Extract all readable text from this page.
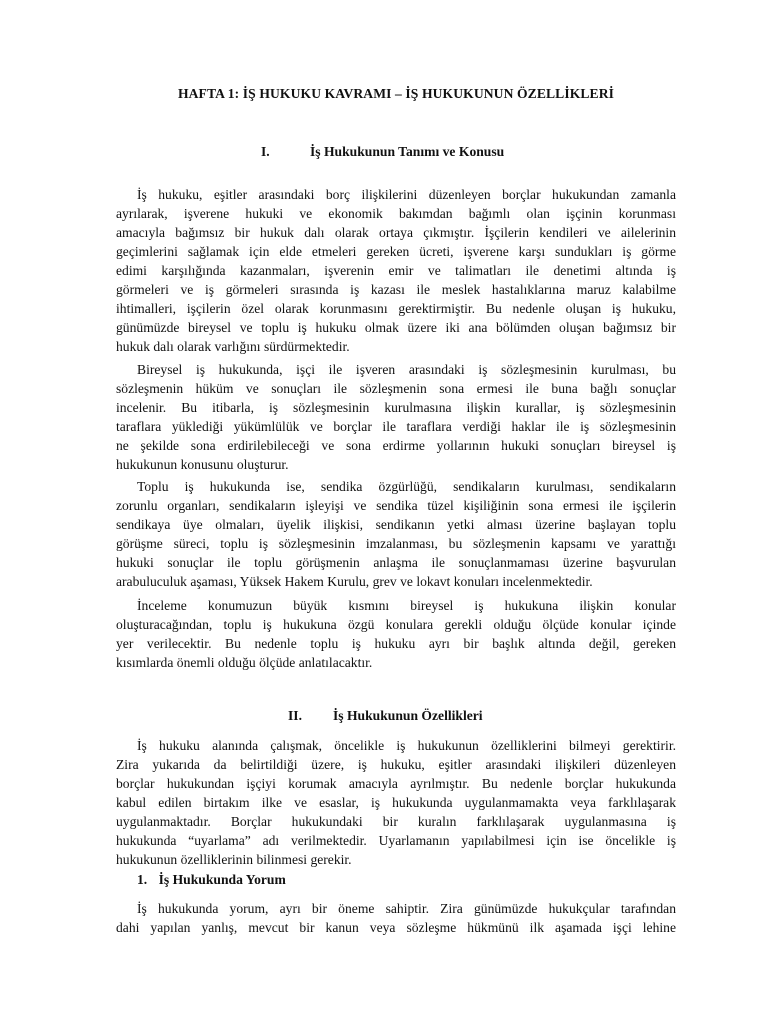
HAFTA 1: İŞ HUKUKU KAVRAMI – İŞ HUKUKUNUN ÖZELLİKLERİ
I.	İş Hukukunun Tanımı ve Konusu
İş hukuku, eşitler arasındaki borç ilişkilerini düzenleyen borçlar hukukundan zamanla
ayrılarak, işverene hukuki ve ekonomik bakımdan bağımlı olan işçinin korunması
amacıyla bağımsız bir hukuk dalı olarak ortaya çıkmıştır. İşçilerin kendileri ve ailelerinin
geçimlerini sağlamak için elde etmeleri gereken ücreti, işverene karşı sundukları iş görme
edimi karşılığında kazanmaları, işverenin emir ve talimatları ile denetimi altında iş
görmeleri ve iş görmeleri sırasında iş kazası ile meslek hastalıklarına maruz kalabilme
ihtimalleri, işçilerin özel olarak korunmasını gerektirmiştir. Bu nedenle oluşan iş hukuku,
günümüzde bireysel ve toplu iş hukuku olmak üzere iki ana bölümden oluşan bağımsız bir
hukuk dalı olarak varlığını sürdürmektedir.
Bireysel iş hukukunda, işçi ile işveren arasındaki iş sözleşmesinin kurulması, bu
sözleşmenin hüküm ve sonuçları ile sözleşmenin sona ermesi ile buna bağlı sonuçlar
incelenir. Bu itibarla, iş sözleşmesinin kurulmasına ilişkin kurallar, iş sözleşmesinin
taraflara yüklediği yükümlülük ve borçlar ile taraflara verdiği haklar ile iş sözleşmesinin
ne şekilde sona erdirilebileceği ve sona erdirme yollarının hukuki sonuçları bireysel iş
hukukunun konusunu oluşturur.
Toplu iş hukukunda ise, sendika özgürlüğü, sendikaların kurulması, sendikaların
zorunlu organları, sendikaların işleyişi ve sendika tüzel kişiliğinin sona ermesi ile işçilerin
sendikaya üye olmaları, üyelik ilişkisi, sendikanın yetki alması üzerine başlayan toplu
görüşme süreci, toplu iş sözleşmesinin imzalanması, bu sözleşmenin kapsamı ve yarattığı
hukuki sonuçlar ile toplu görüşmenin anlaşma ile sonuçlanmaması üzerine başvurulan
arabuluculuk aşaması, Yüksek Hakem Kurulu, grev ve lokavt konuları incelenmektedir.
İnceleme konumuzun büyük kısmını bireysel iş hukukuna ilişkin konular
oluşturacağından, toplu iş hukukuna özgü konulara gerekli olduğu ölçüde konular içinde
yer verilecektir. Bu nedenle toplu iş hukuku ayrı bir başlık altında değil, gereken
kısımlarda önemli olduğu ölçüde anlatılacaktır.
II. İş Hukukunun Özellikleri
İş hukuku alanında çalışmak, öncelikle iş hukukunun özelliklerini bilmeyi gerektirir.
Zira yukarıda da belirtildiği üzere, iş hukuku, eşitler arasındaki ilişkileri düzenleyen
borçlar hukukundan işçiyi korumak amacıyla ayrılmıştır. Bu nedenle borçlar hukukunda
kabul edilen birtakım ilke ve esaslar, iş hukukunda uygulanmamakta veya farklılaşarak
uygulanmaktadır. Borçlar hukukundaki bir kuralın farklılaşarak uygulanmasına iş
hukukunda “uyarlama” adı verilmektedir. Uyarlamanın yapılabilmesi için ise öncelikle iş
hukukunun özelliklerinin bilinmesi gerekir.
1. İş Hukukunda Yorum
İş hukukunda yorum, ayrı bir öneme sahiptir. Zira günümüzde hukukçular tarafından
dahi yapılan yanlış, mevcut bir kanun veya sözleşme hükmünü ilk aşamada işçi lehine
